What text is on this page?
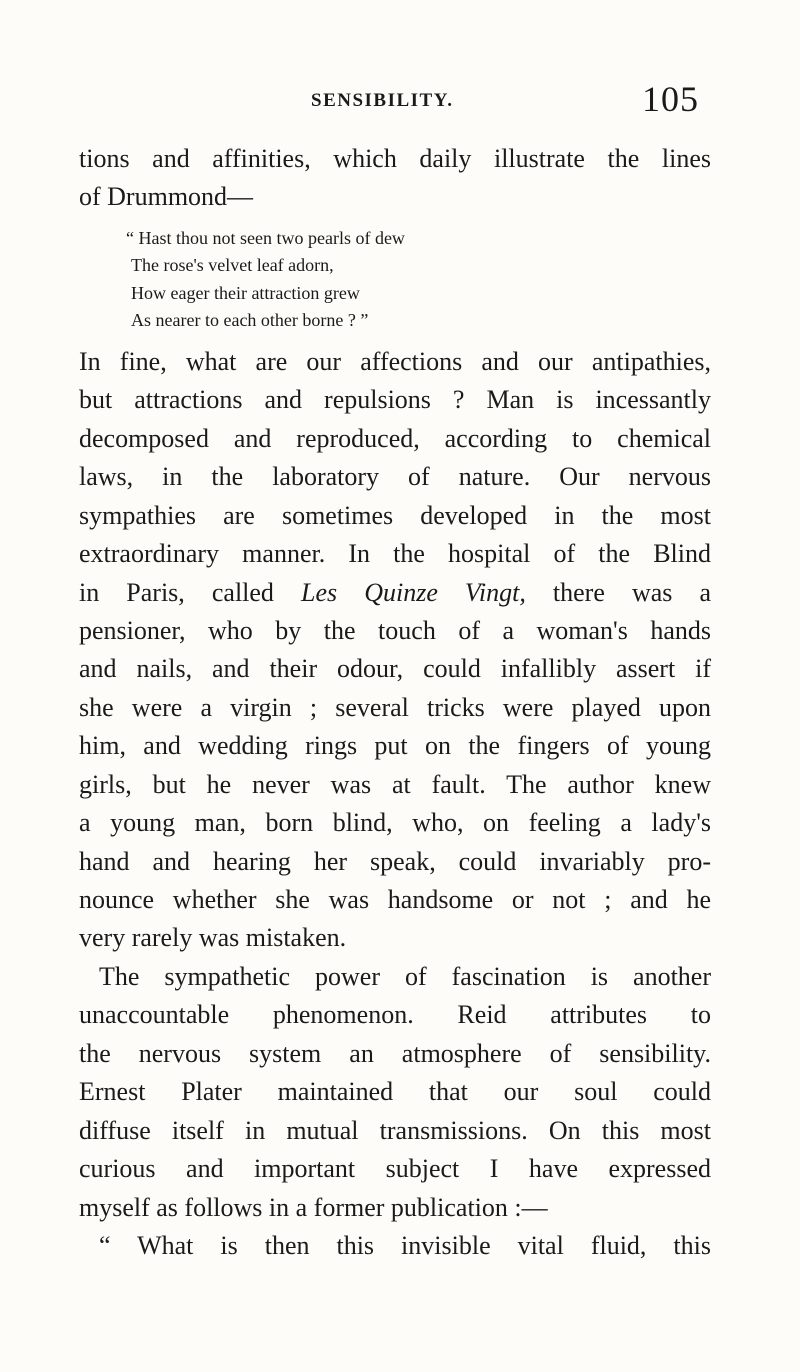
SENSIBILITY.	105
tions and affinities, which daily illustrate the lines
of Drummond—
“ Hast thou not seen two pearls of dew
The rose's velvet leaf adorn,
How eager their attraction grew
As nearer to each other borne ? ”
In fine, what are our affections and our antipathies,
but attractions and repulsions ? Man is incessantly
decomposed and reproduced, according to chemical
laws, in the laboratory of nature. Our nervous
sympathies are sometimes developed in the most
extraordinary manner. In the hospital of the Blind
in Paris, called Les Quinze Vingt, there was a
pensioner, who by the touch of a woman's hands
and nails, and their odour, could infallibly assert if
she were a virgin ; several tricks were played upon
him, and wedding rings put on the fingers of young
girls, but he never was at fault. The author knew
a young man, born blind, who, on feeling a lady's
hand and hearing her speak, could invariably pro-
nounce whether she was handsome or not ; and he
very rarely was mistaken.
The sympathetic power of fascination is another
unaccountable phenomenon. Reid attributes to
the nervous system an atmosphere of sensibility.
Ernest Plater maintained that our soul could
diffuse itself in mutual transmissions. On this most
curious and important subject I have expressed
myself as follows in a former publication :—
“ What is then this invisible vital fluid, this
